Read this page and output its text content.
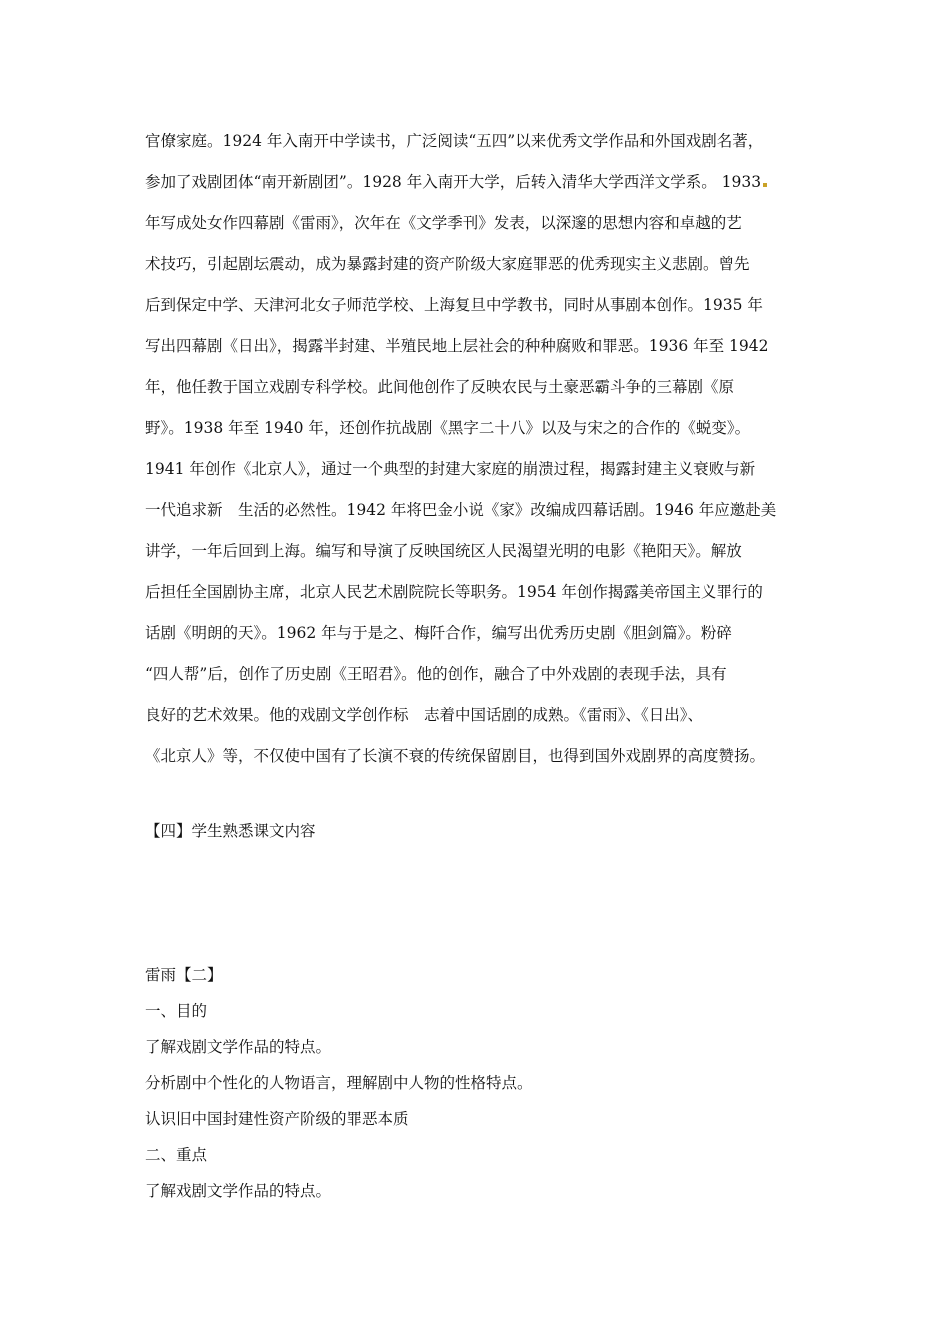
官僚家庭。1924 年入南开中学读书，广泛阅读“五四”以来优秀文学作品和外国戏剧名著，
参加了戏剧团体“南开新剧团”。1928 年入南开大学，后转入清华大学西洋文学系。 1933
年写成处女作四幕剧《雷雨》，次年在《文学季刊》发表，以深邃的思想内容和卓越的艺
术技巧，引起剧坛震动，成为暴露封建的资产阶级大家庭罪恶的优秀现实主义悲剧。曾先
后到保定中学、天津河北女子师范学校、上海复旦中学教书，同时从事剧本创作。1935 年
写出四幕剧《日出》，揭露半封建、半殖民地上层社会的种种腐败和罪恶。1936 年至 1942
年，他任教于国立戏剧专科学校。此间他创作了反映农民与土豪恶霸斗争的三幕剧《原
野》。1938 年至 1940 年，还创作抗战剧《黑字二十八》以及与宋之的合作的《蜕变》。
1941 年创作《北京人》，通过一个典型的封建大家庭的崩溃过程，揭露封建主义衰败与新
一代追求新　生活的必然性。1942 年将巴金小说《家》改编成四幕话剧。1946 年应邀赴美
讲学，一年后回到上海。编写和导演了反映国统区人民渴望光明的电影《艳阳天》。解放
后担任全国剧协主席，北京人民艺术剧院院长等职务。1954 年创作揭露美帝国主义罪行的
话剧《明朗的天》。1962 年与于是之、梅阡合作，编写出优秀历史剧《胆剑篇》。粉碎
“四人帮”后，创作了历史剧《王昭君》。他的创作，融合了中外戏剧的表现手法，具有
良好的艺术效果。他的戏剧文学创作标　志着中国话剧的成熟。《雷雨》、《日出》、
《北京人》等，不仅使中国有了长演不衰的传统保留剧目，也得到国外戏剧界的高度赞扬。
【四】学生熟悉课文内容
雷雨【二】
一、目的
了解戏剧文学作品的特点。
分析剧中个性化的人物语言，理解剧中人物的性格特点。
认识旧中国封建性资产阶级的罪恶本质
二、重点
了解戏剧文学作品的特点。
